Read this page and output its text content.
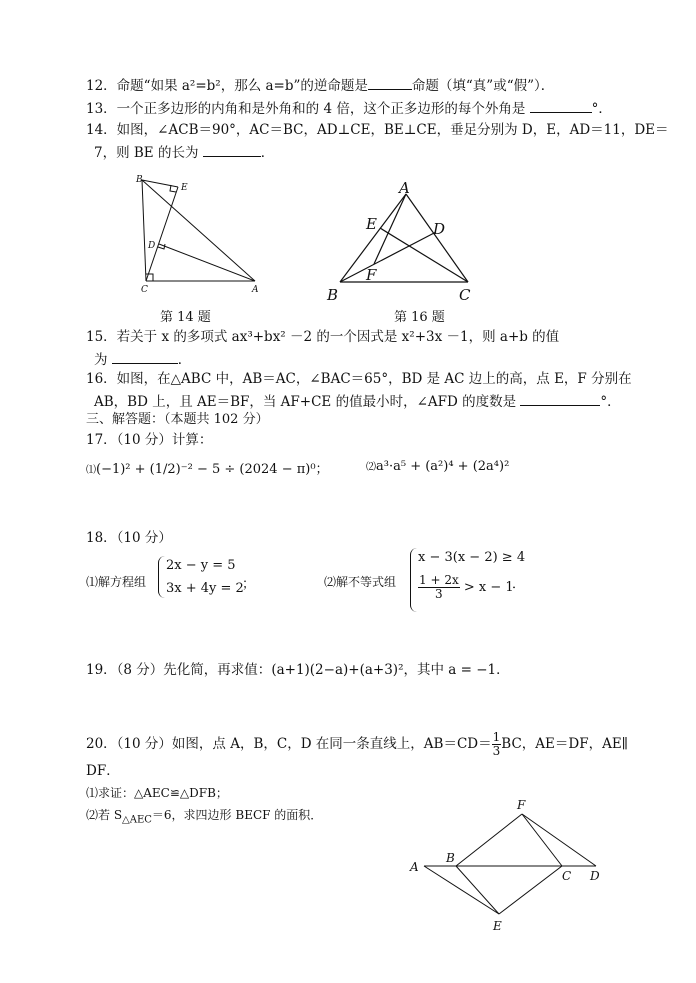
12．命题“如果 a²=b²，那么 a=b”的逆命题是	命题（填“真”或“假”）．
13．一个正多边形的内角和是外角和的 4 倍，这个正多边形的每个外角是	°．
14．如图，∠ACB＝90°，AC＝BC，AD⊥CE，BE⊥CE，垂足分别为 D，E，AD＝11，DE＝
7，则 BE 的长为	．
B
E
D
C	A
第 14 题
A
E	D
F
B	C
第 16 题
15．若关于 x 的多项式 ax³+bx² －2 的一个因式是 x²+3x －1，则 a+b 的值
为	．
16．如图，在△ABC 中，AB＝AC，∠BAC＝65°，BD 是 AC 边上的高，点 E，F 分别在
AB，BD 上，且 AE＝BF，当 AF+CE 的值最小时，∠AFD 的度数是	°．
三、解答题：（本题共 102 分）
17．（10 分）计算：
⑴(−1)² + (1/2)⁻² − 5 ÷ (2024 − π)⁰；	⑵a³·a⁵ + (a²)⁴ + (2a⁴)²
18．（10 分）
⑴解方程组
2x − y = 5
3x + 4y = 2
；	⑵解不等式组
x − 3(x − 2) ≥ 4
$\frac{1 + 2x}{3} > x - 1$
．
19．（8 分）先化简，再求值：(a+1)(2−a)+(a+3)²，其中 a = −1．
20．（10 分）如图，点 A，B，C，D 在同一条直线上，$AB=CD= \frac{1}{3}$ BC，AE＝DF，AE∥
DF．
⑴求证：△AEC≌△DFB；
⑵若 $S_{\triangle AEC}=6$，求四边形 BECF 的面积．
F
A
B
C D
E
